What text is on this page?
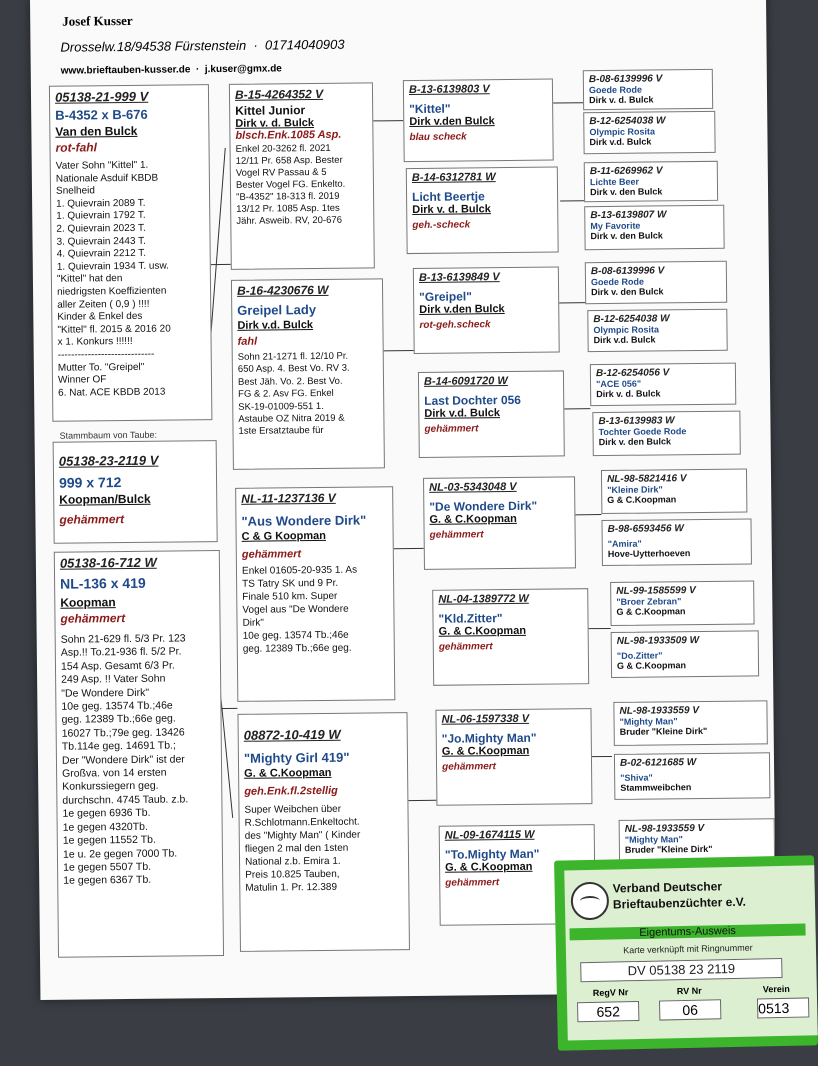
Josef Kusser
Drosselw.18/94538 Fürstenstein  ·  01714040903
www.brieftauben-kusser.de  ·  j.kuser@gmx.de
05138-21-999 V
B-4352 x B-676
Van den Bulck
rot-fahl
Vater Sohn "Kittel" 1.
Nationale Asduif KBDB
Snelheid
1. Quievrain 2089 T.
1. Quievrain 1792 T.
2. Quievrain 2023 T.
3. Quievrain 2443 T.
4. Quievrain 2212 T.
1. Quievrain 1934 T. usw.
"Kittel" hat den
niedrigsten Koeffizienten
aller Zeiten ( 0,9 ) !!!!
Kinder & Enkel des
"Kittel" fl. 2015 & 2016 20
x 1. Konkurs !!!!!!
-----------------------------
Mutter To. "Greipel"
Winner OF
6. Nat. ACE KBDB 2013
Stammbaum von Taube:
05138-23-2119 V
999 x 712
Koopman/Bulck
gehämmert
05138-16-712 W
NL-136 x 419
Koopman
gehämmert
Sohn 21-629 fl. 5/3 Pr. 123
Asp.!! To.21-936 fl. 5/2 Pr.
154 Asp. Gesamt 6/3 Pr.
249 Asp. !! Vater Sohn
"De Wondere Dirk"
10e geg. 13574 Tb.;46e
geg. 12389 Tb.;66e geg.
16027 Tb.;79e geg. 13426
Tb.114e geg. 14691 Tb.;
Der "Wondere Dirk" ist der
Großva. von 14 ersten
Konkurssiegern geg.
durchschn. 4745 Taub. z.b.
1e gegen 6936 Tb.
1e gegen 4320Tb.
1e gegen 11552 Tb.
1e u. 2e gegen 7000 Tb.
1e gegen 5507 Tb.
1e gegen 6367 Tb.
B-15-4264352 V
Kittel Junior
Dirk v. d. Bulck
blsch.Enk.1085 Asp.
Enkel 20-3262 fl. 2021
12/11 Pr. 658 Asp. Bester
Vogel RV Passau & 5
Bester Vogel FG. Enkelto.
"B-4352" 18-313 fl. 2019
13/12 Pr. 1085 Asp. 1tes
Jähr. Asweib. RV, 20-676
B-16-4230676 W
Greipel Lady
Dirk v.d. Bulck
fahl
Sohn 21-1271 fl. 12/10 Pr.
650 Asp. 4. Best Vo. RV 3.
Best Jäh. Vo. 2. Best Vo.
FG & 2. Asv FG. Enkel
SK-19-01009-551 1.
Astaube OZ Nitra 2019 &
1ste Ersatztaube für
NL-11-1237136 V
"Aus Wondere Dirk"
C & G Koopman
gehämmert
Enkel 01605-20-935 1. As
TS Tatry SK und 9 Pr.
Finale 510 km. Super
Vogel aus "De Wondere
Dirk"
10e geg. 13574 Tb.;46e
geg. 12389 Tb.;66e geg.
08872-10-419 W
"Mighty Girl 419"
G. & C.Koopman
geh.Enk.fl.2stellig
Super Weibchen über
R.Schlotmann.Enkeltocht.
des "Mighty Man" ( Kinder
fliegen 2 mal den 1sten
National z.b. Emira 1.
Preis 10.825 Tauben,
Matulin 1. Pr. 12.389
B-13-6139803 V
"Kittel"
Dirk v.den Bulck
blau scheck
B-14-6312781 W
Licht Beertje
Dirk v. d. Bulck
geh.-scheck
B-13-6139849 V
"Greipel"
Dirk v.den Bulck
rot-geh.scheck
B-14-6091720 W
Last Dochter 056
Dirk v.d. Bulck
gehämmert
NL-03-5343048 V
"De Wondere Dirk"
G. & C.Koopman
gehämmert
NL-04-1389772 W
"Kld.Zitter"
G. & C.Koopman
gehämmert
NL-06-1597338 V
"Jo.Mighty Man"
G. & C.Koopman
gehämmert
NL-09-1674115 W
"To.Mighty Man"
G. & C.Koopman
gehämmert
B-08-6139996 V
Goede Rode
Dirk v. d. Bulck
B-12-6254038 W
Olympic Rosita
Dirk v.d. Bulck
B-11-6269962 V
Lichte Beer
Dirk v. den Bulck
B-13-6139807 W
My Favorite
Dirk v. den Bulck
B-08-6139996 V
Goede Rode
Dirk v. den Bulck
B-12-6254038 W
Olympic Rosita
Dirk v.d. Bulck
B-12-6254056 V
"ACE 056"
Dirk v. d. Bulck
B-13-6139983 W
Tochter Goede Rode
Dirk v. den Bulck
NL-98-5821416 V
"Kleine Dirk"
G & C.Koopman
B-98-6593456 W
"Amira"
Hove-Uytterhoeven
NL-99-1585599 V
"Broer Zebran"
G & C.Koopman
NL-98-1933509 W
"Do.Zitter"
G & C.Koopman
NL-98-1933559 V
"Mighty Man"
Bruder "Kleine Dirk"
B-02-6121685 W
"Shiva"
Stammweibchen
NL-98-1933559 V
"Mighty Man"
Bruder "Kleine Dirk"
Verband Deutscher
Brieftaubenzüchter e.V.
Eigentums-Ausweis
Karte verknüpft mit Ringnummer
DV 05138 23 2119
RegV Nr	RV Nr	Verein
652	06	0513
